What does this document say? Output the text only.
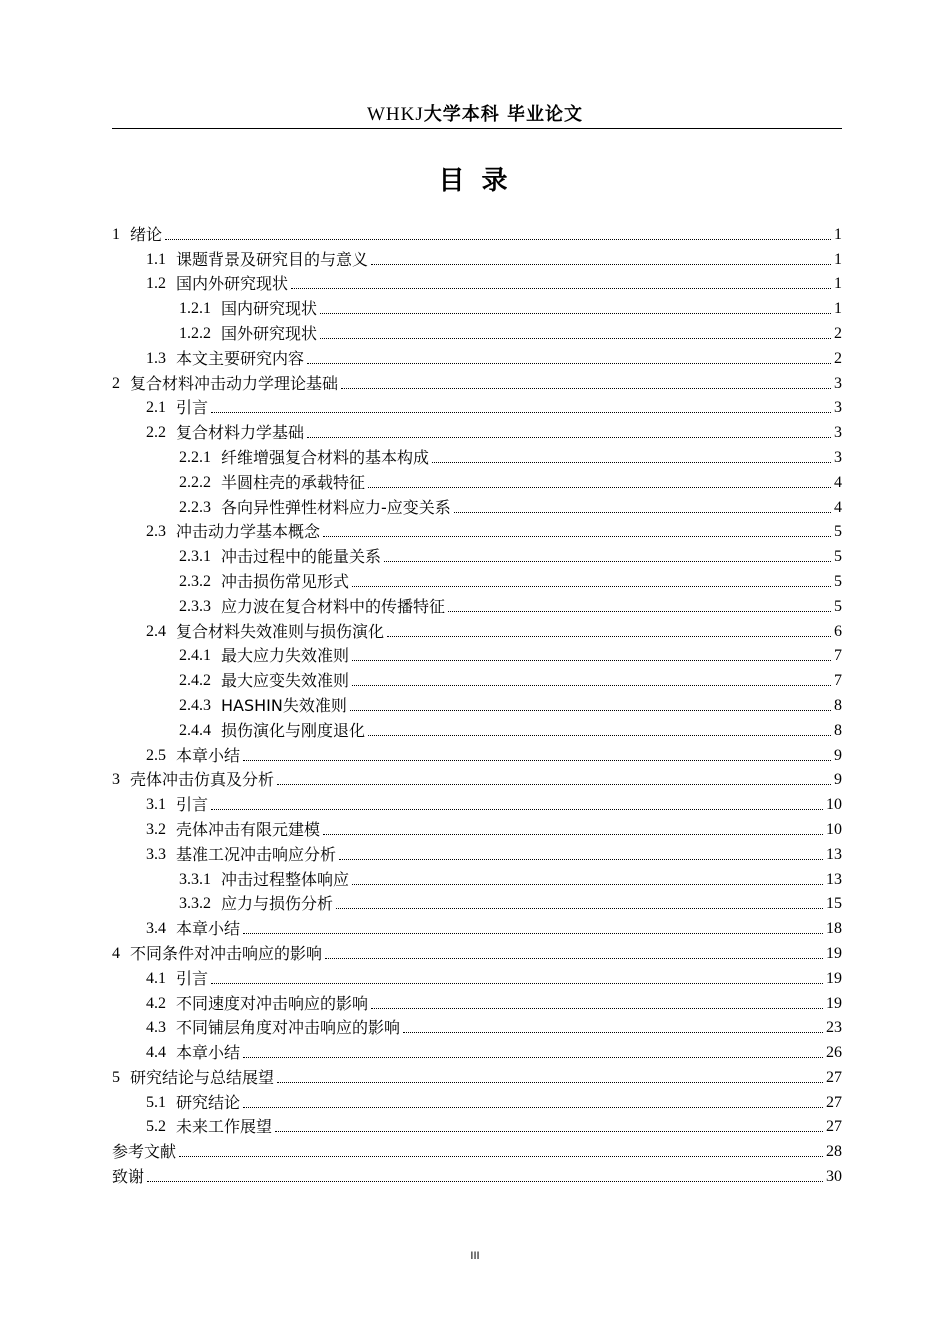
WHKJ大学本科 毕业论文
目 录
1 绪论	1
1.1 课题背景及研究目的与意义	1
1.2 国内外研究现状	1
1.2.1 国内研究现状	1
1.2.2 国外研究现状	2
1.3 本文主要研究内容	2
2 复合材料冲击动力学理论基础	3
2.1 引言	3
2.2 复合材料力学基础	3
2.2.1 纤维增强复合材料的基本构成	3
2.2.2 半圆柱壳的承载特征	4
2.2.3 各向异性弹性材料应力-应变关系	4
2.3 冲击动力学基本概念	5
2.3.1 冲击过程中的能量关系	5
2.3.2 冲击损伤常见形式	5
2.3.3 应力波在复合材料中的传播特征	5
2.4 复合材料失效准则与损伤演化	6
2.4.1 最大应力失效准则	7
2.4.2 最大应变失效准则	7
2.4.3 HASHIN失效准则	8
2.4.4 损伤演化与刚度退化	8
2.5 本章小结	9
3 壳体冲击仿真及分析	9
3.1 引言	10
3.2 壳体冲击有限元建模	10
3.3 基准工况冲击响应分析	13
3.3.1 冲击过程整体响应	13
3.3.2 应力与损伤分析	15
3.4 本章小结	18
4 不同条件对冲击响应的影响	19
4.1 引言	19
4.2 不同速度对冲击响应的影响	19
4.3 不同铺层角度对冲击响应的影响	23
4.4 本章小结	26
5 研究结论与总结展望	27
5.1 研究结论	27
5.2 未来工作展望	27
参考文献	28
致谢	30
III
